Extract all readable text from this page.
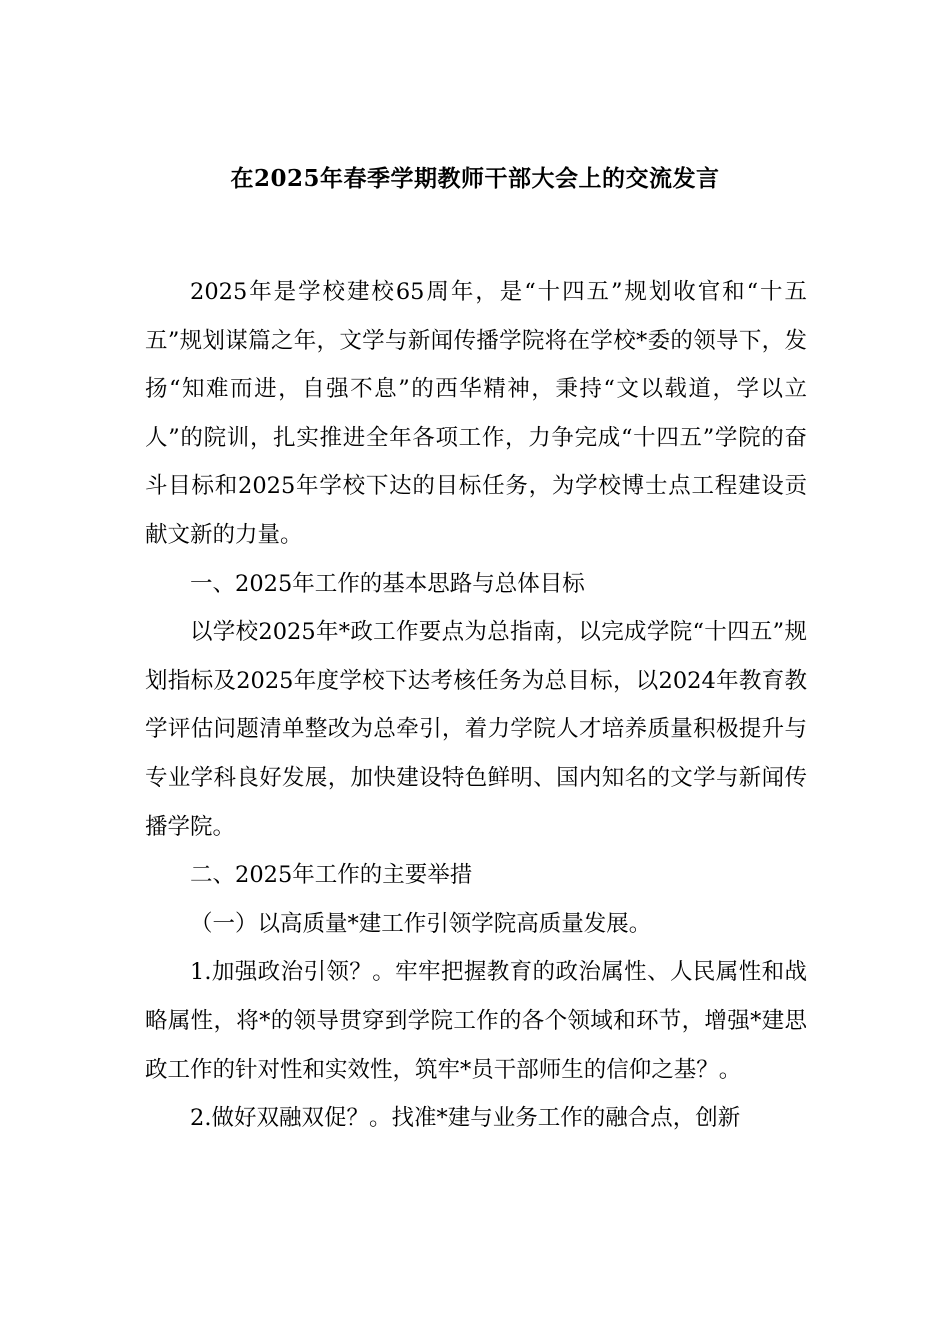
在2025年春季学期教师干部大会上的交流发言

2025年是学校建校65周年，是“十四五”规划收官和“十五五”规划谋篇之年，文学与新闻传播学院将在学校*委的领导下，发扬“知难而进，自强不息”的西华精神，秉持“文以载道，学以立人”的院训，扎实推进全年各项工作，力争完成“十四五”学院的奋斗目标和2025年学校下达的目标任务，为学校博士点工程建设贡献文新的力量。

一、2025年工作的基本思路与总体目标

以学校2025年*政工作要点为总指南，以完成学院“十四五”规划指标及2025年度学校下达考核任务为总目标，以2024年教育教学评估问题清单整改为总牵引，着力学院人才培养质量积极提升与专业学科良好发展，加快建设特色鲜明、国内知名的文学与新闻传播学院。

二、2025年工作的主要举措

（一）以高质量*建工作引领学院高质量发展。

1.加强政治引领？。牢牢把握教育的政治属性、人民属性和战略属性，将*的领导贯穿到学院工作的各个领域和环节，增强*建思政工作的针对性和实效性，筑牢*员干部师生的信仰之基？。

2.做好双融双促？。找准*建与业务工作的融合点，创新
